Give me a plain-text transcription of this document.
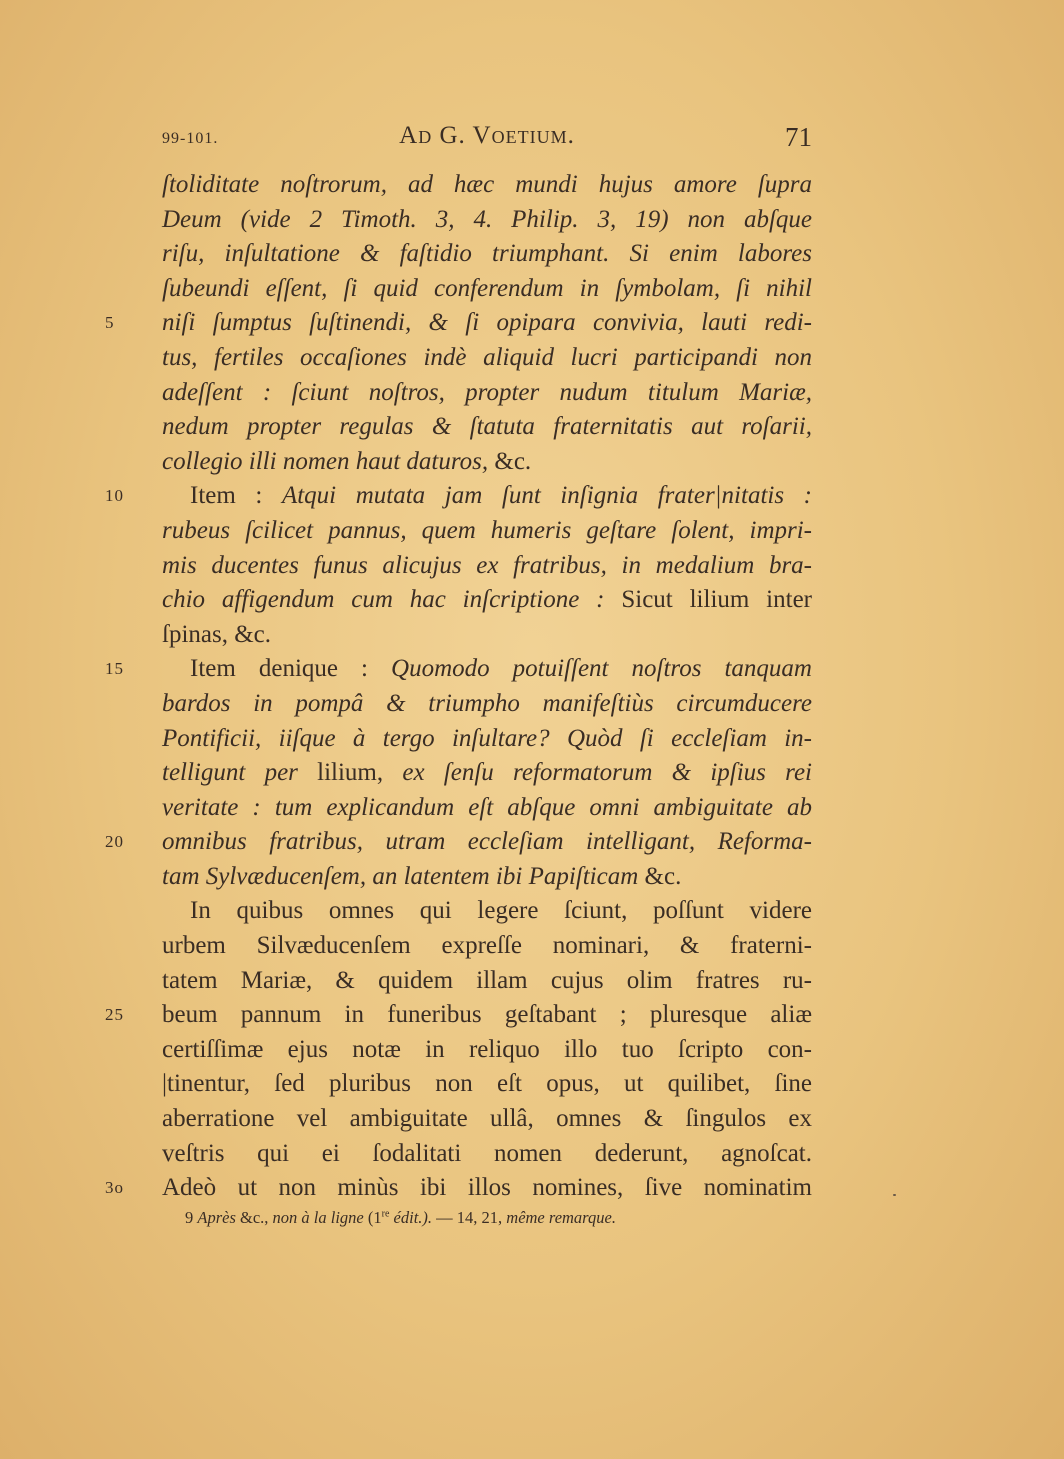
99-101.	Ad G. Voetium.	71
ſtoliditate noſtrorum, ad hæc mundi hujus amore ſupra
Deum (vide 2 Timoth. 3, 4. Philip. 3, 19) non abſque
riſu, inſultatione & faſtidio triumphant. Si enim labores
ſubeundi eſſent, ſi quid conferendum in ſymbolam, ſi nihil
5	niſi ſumptus ſuſtinendi, & ſi opipara convivia, lauti redi-
tus, fertiles occaſiones indè aliquid lucri participandi non
adeſſent : ſciunt noſtros, propter nudum titulum Mariæ,
nedum propter regulas & ſtatuta fraternitatis aut roſarii,
collegio illi nomen haut daturos, &c.
10	Item : Atqui mutata jam ſunt inſignia frater|nitatis :
rubeus ſcilicet pannus, quem humeris geſtare ſolent, impri-
mis ducentes funus alicujus ex fratribus, in medalium bra-
chio affigendum cum hac inſcriptione : Sicut lilium inter
ſpinas, &c.
15	Item denique : Quomodo potuiſſent noſtros tanquam
bardos in pompâ & triumpho manifeſtiùs circumducere
Pontificii, iiſque à tergo inſultare? Quòd ſi eccleſiam in-
telligunt per lilium, ex ſenſu reformatorum & ipſius rei
veritate : tum explicandum eſt abſque omni ambiguitate ab
20	omnibus fratribus, utram eccleſiam intelligant, Reforma-
tam Sylvæducenſem, an latentem ibi Papiſticam &c.
In quibus omnes qui legere ſciunt, poſſunt videre
urbem Silvæducenſem expreſſe nominari, & fraterni-
tatem Mariæ, & quidem illam cujus olim fratres ru-
25	beum pannum in funeribus geſtabant ; pluresque aliæ
certiſſimæ ejus notæ in reliquo illo tuo ſcripto con-
|tinentur, ſed pluribus non eſt opus, ut quilibet, ſine
aberratione vel ambiguitate ullâ, omnes & ſingulos ex
veſtris qui ei ſodalitati nomen dederunt, agnoſcat.
3o	Adeò ut non minùs ibi illos nomines, ſive nominatim
9 Après &c., non à la ligne (1re édit.). — 14, 21, même remarque.
